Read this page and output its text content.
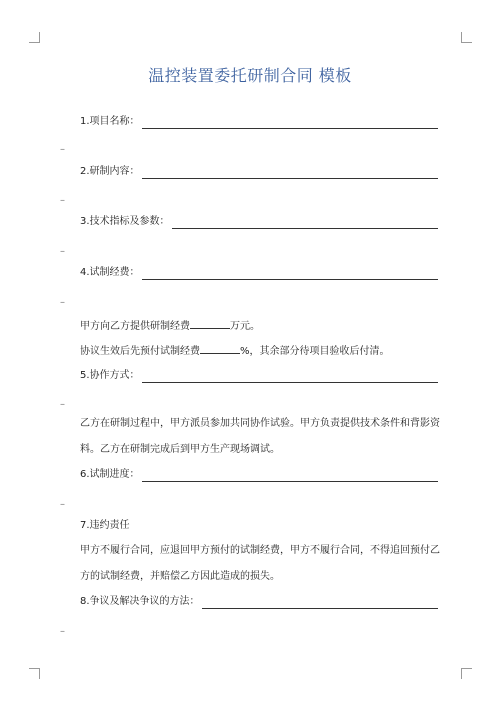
温控装置委托研制合同 模板
1.项目名称：
–
2.研制内容：
–
3.技术指标及参数：
–
4.试制经费：
–
甲方向乙方提供研制经费	万元。
协议生效后先预付试制经费	%，其余部分待项目验收后付清。
5.协作方式：
–
乙方在研制过程中，甲方派员参加共同协作试验。甲方负责提供技术条件和背影资料。乙方在研制完成后到甲方生产现场调试。
6.试制进度：
–
7.违约责任
甲方不履行合同，应退回甲方预付的试制经费，甲方不履行合同，不得追回预付乙方的试制经费，并赔偿乙方因此造成的损失。
8.争议及解决争议的方法：
–
